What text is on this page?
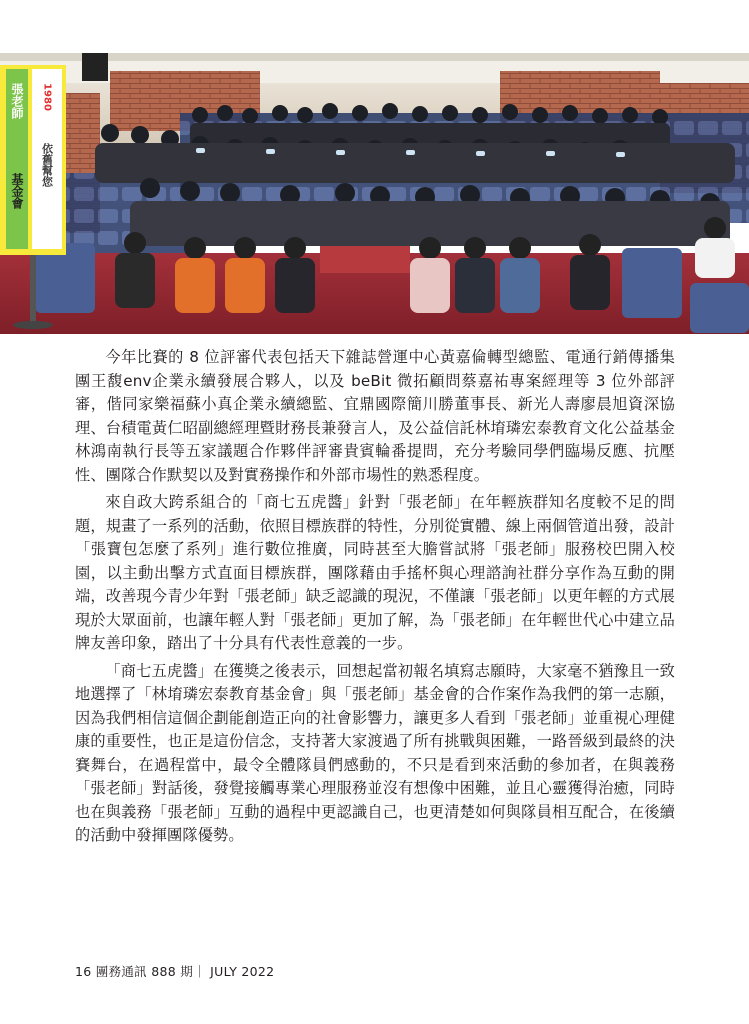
1980
依舊幫您
張老師
基金會

今年比賽的 8 位評審代表包括天下雜誌營運中心黃嘉倫轉型總監、電通行銷傳播集團王馥env企業永續發展合夥人，以及 beBit 微拓顧問蔡嘉祐專案經理等 3 位外部評審，偕同家樂福蘇小真企業永續總監、宜鼎國際簡川勝董事長、新光人壽廖晨旭資深協理、台積電黃仁昭副總經理暨財務長兼發言人，及公益信託林堉璘宏泰教育文化公益基金林鴻南執行長等五家議題合作夥伴評審貴賓輪番提問，充分考驗同學們臨場反應、抗壓性、團隊合作默契以及對實務操作和外部市場性的熟悉程度。

來自政大跨系組合的「商七五虎醬」針對「張老師」在年輕族群知名度較不足的問題，規畫了一系列的活動，依照目標族群的特性，分別從實體、線上兩個管道出發，設計「張寶包怎麼了系列」進行數位推廣，同時甚至大膽嘗試將「張老師」服務校巴開入校園，以主動出擊方式直面目標族群，團隊藉由手搖杯與心理諮詢社群分享作為互動的開端，改善現今青少年對「張老師」缺乏認識的現況，不僅讓「張老師」以更年輕的方式展現於大眾面前，也讓年輕人對「張老師」更加了解，為「張老師」在年輕世代心中建立品牌友善印象，踏出了十分具有代表性意義的一步。

「商七五虎醬」在獲獎之後表示，回想起當初報名填寫志願時，大家毫不猶豫且一致地選擇了「林堉璘宏泰教育基金會」與「張老師」基金會的合作案作為我們的第一志願，因為我們相信這個企劃能創造正向的社會影響力，讓更多人看到「張老師」並重視心理健康的重要性，也正是這份信念，支持著大家渡過了所有挑戰與困難，一路晉級到最終的決賽舞台，在過程當中，最令全體隊員們感動的，不只是看到來活動的參加者，在與義務「張老師」對話後，發覺接觸專業心理服務並沒有想像中困難，並且心靈獲得治癒，同時也在與義務「張老師」互動的過程中更認識自己，也更清楚如何與隊員相互配合，在後續的活動中發揮團隊優勢。

16 團務通訊 888 期｜ JULY 2022
